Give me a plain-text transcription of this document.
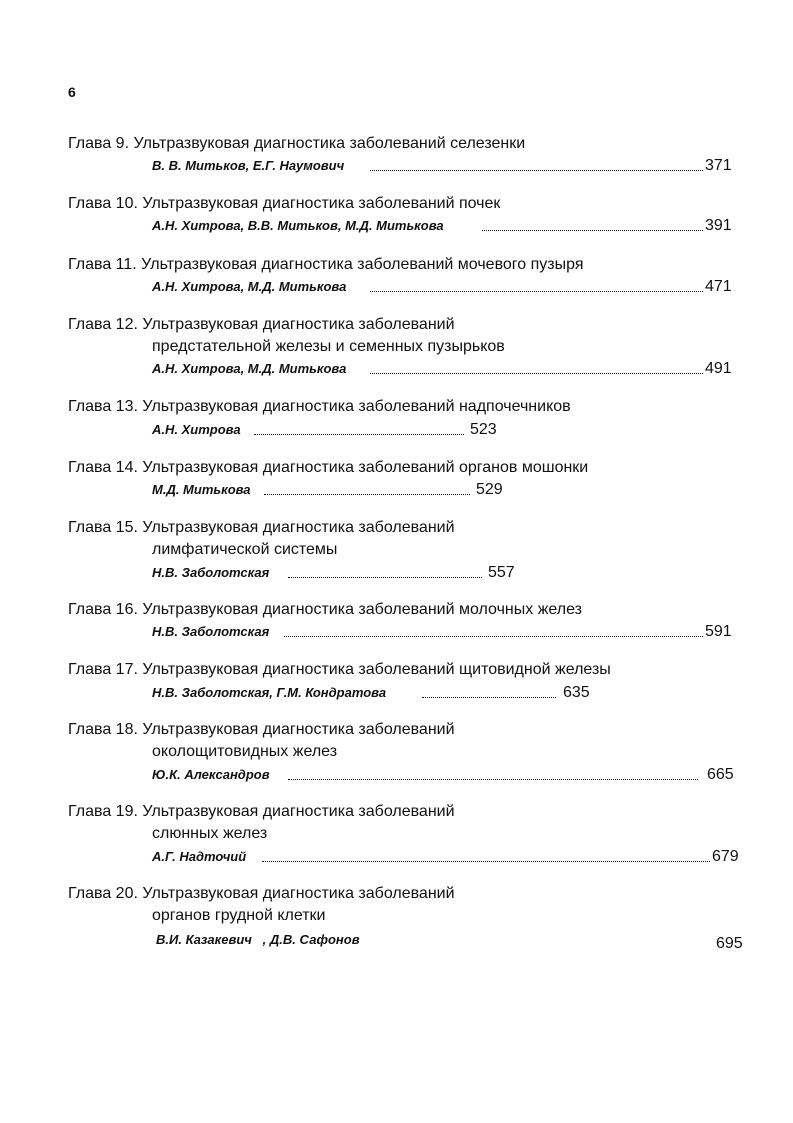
6
Глава 9. Ультразвуковая диагностика заболеваний селезенки
В. В. Митьков, Е.Г. Наумович	371
Глава 10. Ультразвуковая диагностика заболеваний почек
А.Н. Хитрова, В.В. Митьков, М.Д. Митькова	391
Глава 11. Ультразвуковая диагностика заболеваний мочевого пузыря
А.Н. Хитрова, М.Д. Митькова	471
Глава 12. Ультразвуковая диагностика заболеваний
предстательной железы и семенных пузырьков
А.Н. Хитрова, М.Д. Митькова	491
Глава 13. Ультразвуковая диагностика заболеваний надпочечников
А.Н. Хитрова	523
Глава 14. Ультразвуковая диагностика заболеваний органов мошонки
М.Д. Митькова	529
Глава 15. Ультразвуковая диагностика заболеваний
лимфатической системы
Н.В. Заболотская	557
Глава 16. Ультразвуковая диагностика заболеваний молочных желез
Н.В. Заболотская	591
Глава 17. Ультразвуковая диагностика заболеваний щитовидной железы
Н.В. Заболотская, Г.М. Кондратова	635
Глава 18. Ультразвуковая диагностика заболеваний
околощитовидных желез
Ю.К. Александров	665
Глава 19. Ультразвуковая диагностика заболеваний
слюнных желез
А.Г. Надточий	679
Глава 20. Ультразвуковая диагностика заболеваний
органов грудной клетки
В.И. Казакевич   , Д.В. Сафонов	695
